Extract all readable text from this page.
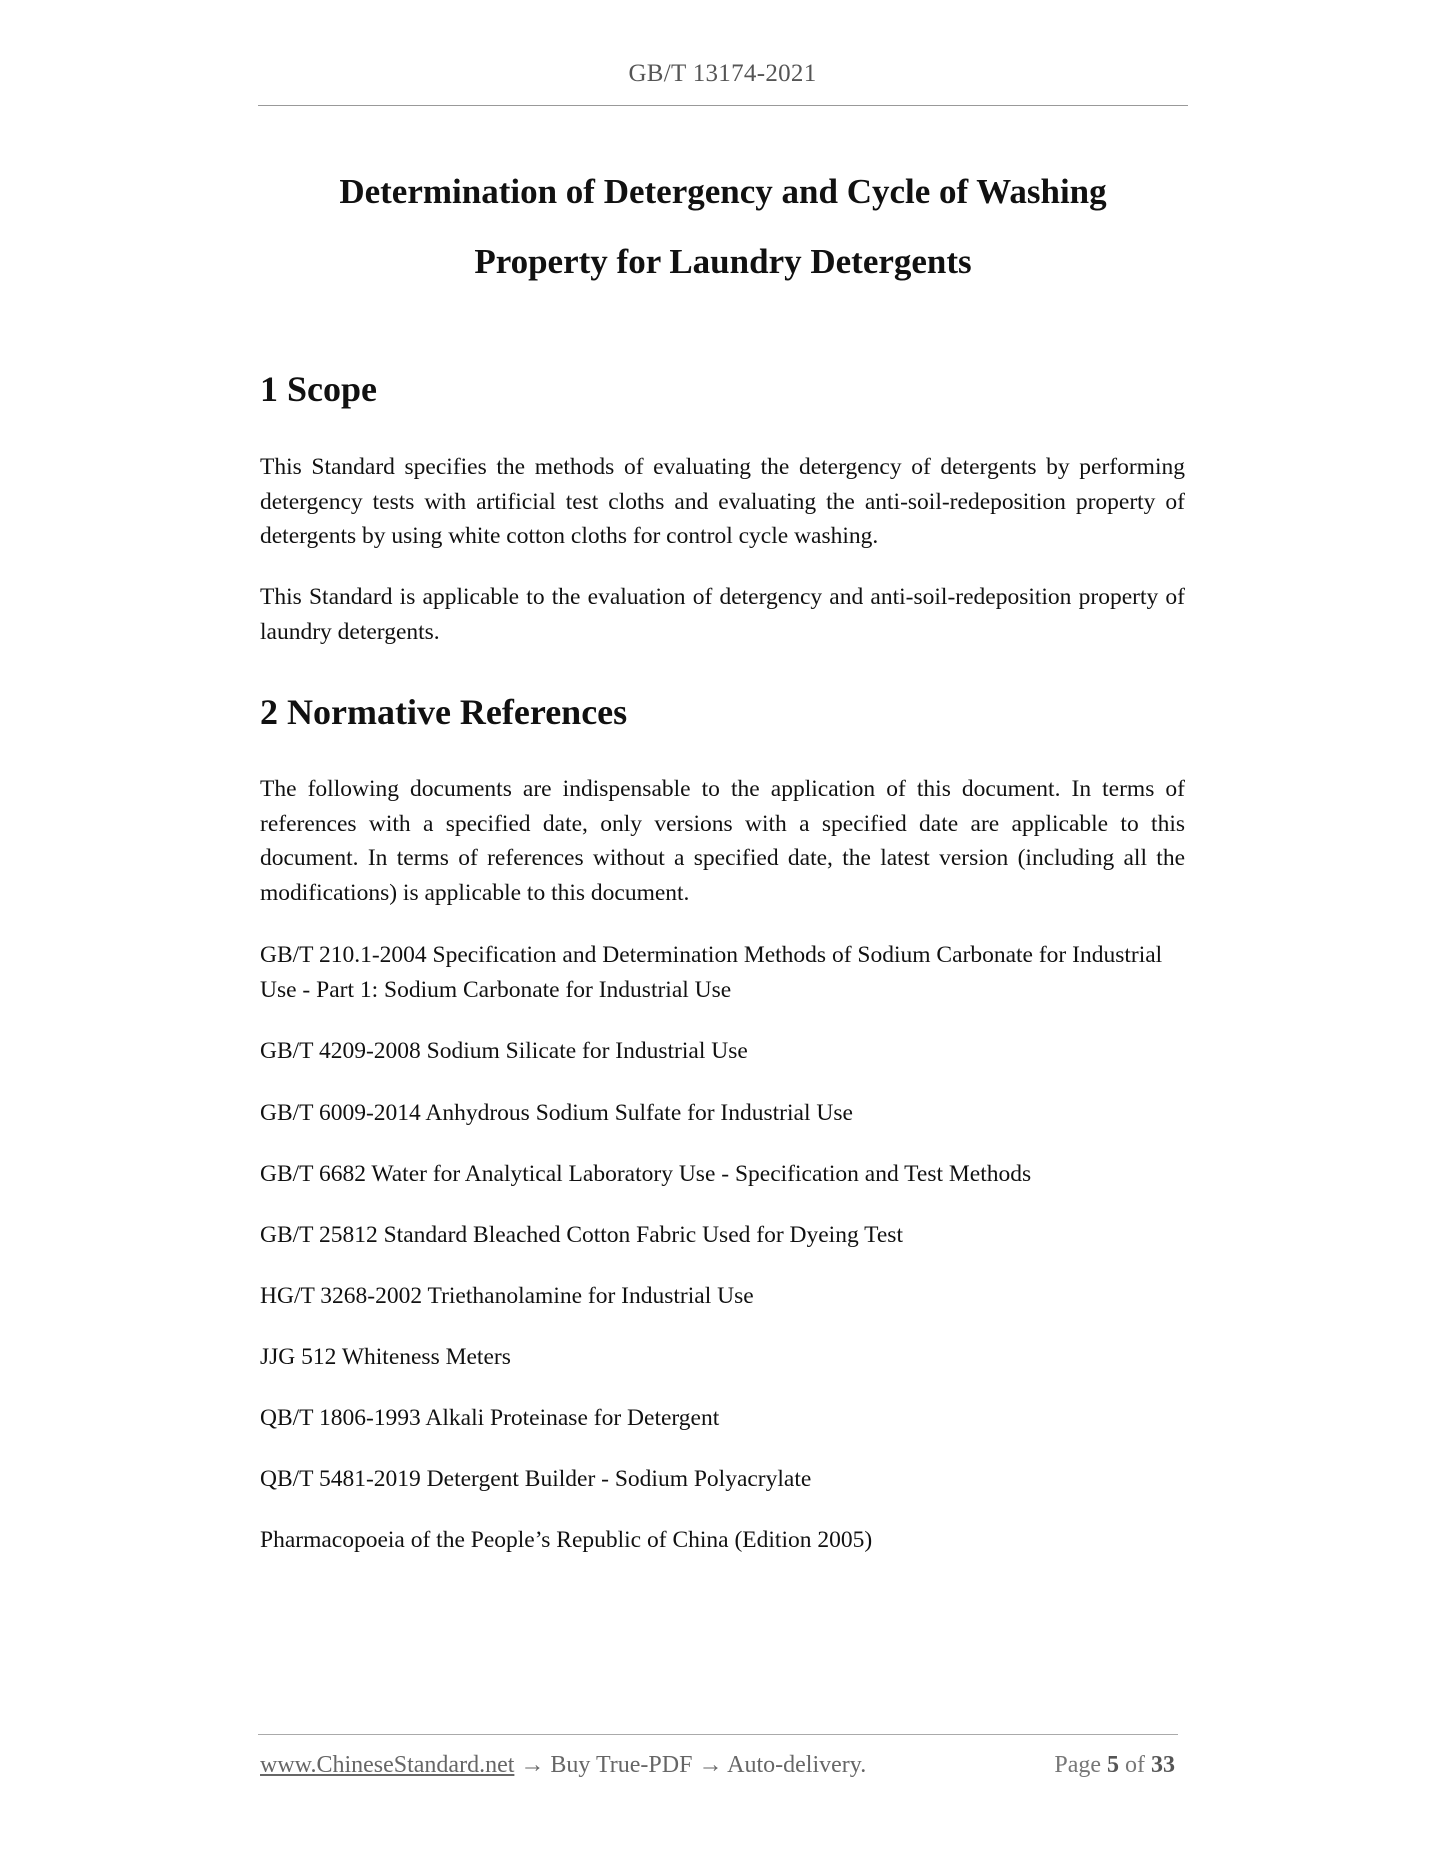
GB/T 13174-2021
Determination of Detergency and Cycle of Washing
Property for Laundry Detergents
1 Scope

This Standard specifies the methods of evaluating the detergency of detergents by performing detergency tests with artificial test cloths and evaluating the anti-soil-redeposition property of detergents by using white cotton cloths for control cycle washing.

This Standard is applicable to the evaluation of detergency and anti-soil-redeposition property of laundry detergents.

2 Normative References

The following documents are indispensable to the application of this document. In terms of references with a specified date, only versions with a specified date are applicable to this document. In terms of references without a specified date, the latest version (including all the modifications) is applicable to this document.

GB/T 210.1-2004 Specification and Determination Methods of Sodium Carbonate for Industrial Use - Part 1: Sodium Carbonate for Industrial Use

GB/T 4209-2008 Sodium Silicate for Industrial Use

GB/T 6009-2014 Anhydrous Sodium Sulfate for Industrial Use

GB/T 6682 Water for Analytical Laboratory Use - Specification and Test Methods

GB/T 25812 Standard Bleached Cotton Fabric Used for Dyeing Test

HG/T 3268-2002 Triethanolamine for Industrial Use

JJG 512 Whiteness Meters

QB/T 1806-1993 Alkali Proteinase for Detergent

QB/T 5481-2019 Detergent Builder - Sodium Polyacrylate

Pharmacopoeia of the People’s Republic of China (Edition 2005)

www.ChineseStandard.net → Buy True-PDF → Auto-delivery.	Page 5 of 33
